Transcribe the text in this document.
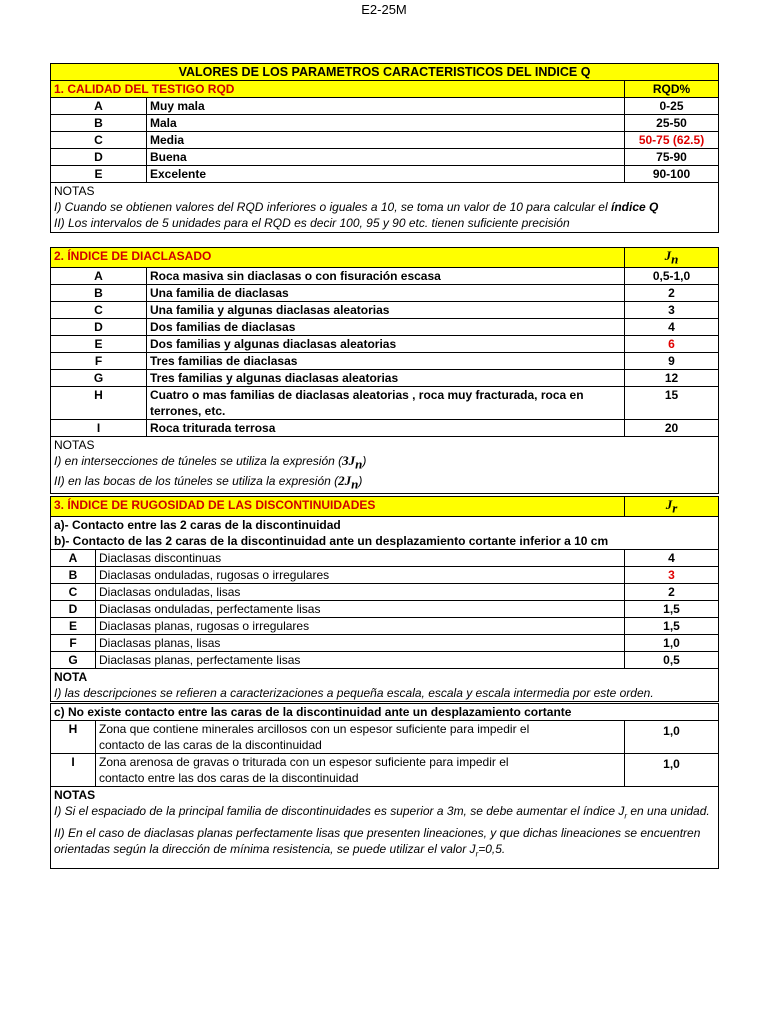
E2-25M
VALORES DE LOS PARAMETROS CARACTERISTICOS DEL INDICE Q		
1. CALIDAD DEL TESTIGO RQD		RQD%
A	Muy mala	0-25
B	Mala	25-50
C	Media	50-75 (62.5)
D	Buena	75-90
E	Excelente	90-100

NOTAS
I) Cuando se obtienen valores del RQD inferiores o iguales a 10, se toma un valor de 10 para calcular el índice Q
II) Los intervalos de 5 unidades para el RQD es decir 100, 95 y 90 etc. tienen suficiente precisión		
2. ÍNDICE DE DIACLASADO		$J_n$
A	Roca masiva sin diaclasas o con fisuración escasa	0,5-1,0
B	Una familia de diaclasas	2
C	Una familia y algunas diaclasas aleatorias	3
D	Dos familias de diaclasas	4
E	Dos familias y algunas diaclasas aleatorias	6
F	Tres familias de diaclasas	9
G	Tres familias y algunas diaclasas aleatorias	12
H	Cuatro o mas familias de diaclasas aleatorias , roca muy fracturada, roca en terrones, etc.	15
I	Roca triturada terrosa	20

NOTAS
I) en intersecciones de túneles se utiliza la expresión $(3J_n)$
II) en las bocas de los túneles se utiliza la expresión $(2J_n)$		
3. ÍNDICE DE RUGOSIDAD DE LAS DISCONTINUIDADES		$J_r$

a)- Contacto entre las 2 caras de la discontinuidad
b)- Contacto de las 2 caras de la discontinuidad ante un desplazamiento cortante inferior a 10 cm		

A	Diaclasas discontinuas	4
B	Diaclasas onduladas, rugosas o irregulares	3
C	Diaclasas onduladas, lisas	2
D	Diaclasas onduladas, perfectamente lisas	1,5
E	Diaclasas planas, rugosas o irregulares	1,5
F	Diaclasas planas, lisas	1,0
G	Diaclasas planas, perfectamente lisas	0,5

NOTA
I) las descripciones se refieren a caracterizaciones a pequeña escala, escala y escala intermedia por este orden.		

c) No existe contacto entre las caras de la discontinuidad ante un desplazamiento cortante		
H	Zona que contiene minerales arcillosos con un espesor suficiente para impedir el contacto de las caras de la discontinuidad	1,0
I	Zona arenosa de gravas o triturada con un espesor suficiente para impedir el contacto entre las dos caras de la discontinuidad	1,0

NOTAS
I) Si el espaciado de la principal familia de discontinuidades es superior a 3m, se debe aumentar el índice $J_r$ en una unidad.
II) En el caso de diaclasas planas perfectamente lisas que presenten lineaciones, y que dichas lineaciones se encuentren orientadas según la dirección de mínima resistencia, se puede utilizar el valor $J_r=0,5$.		
